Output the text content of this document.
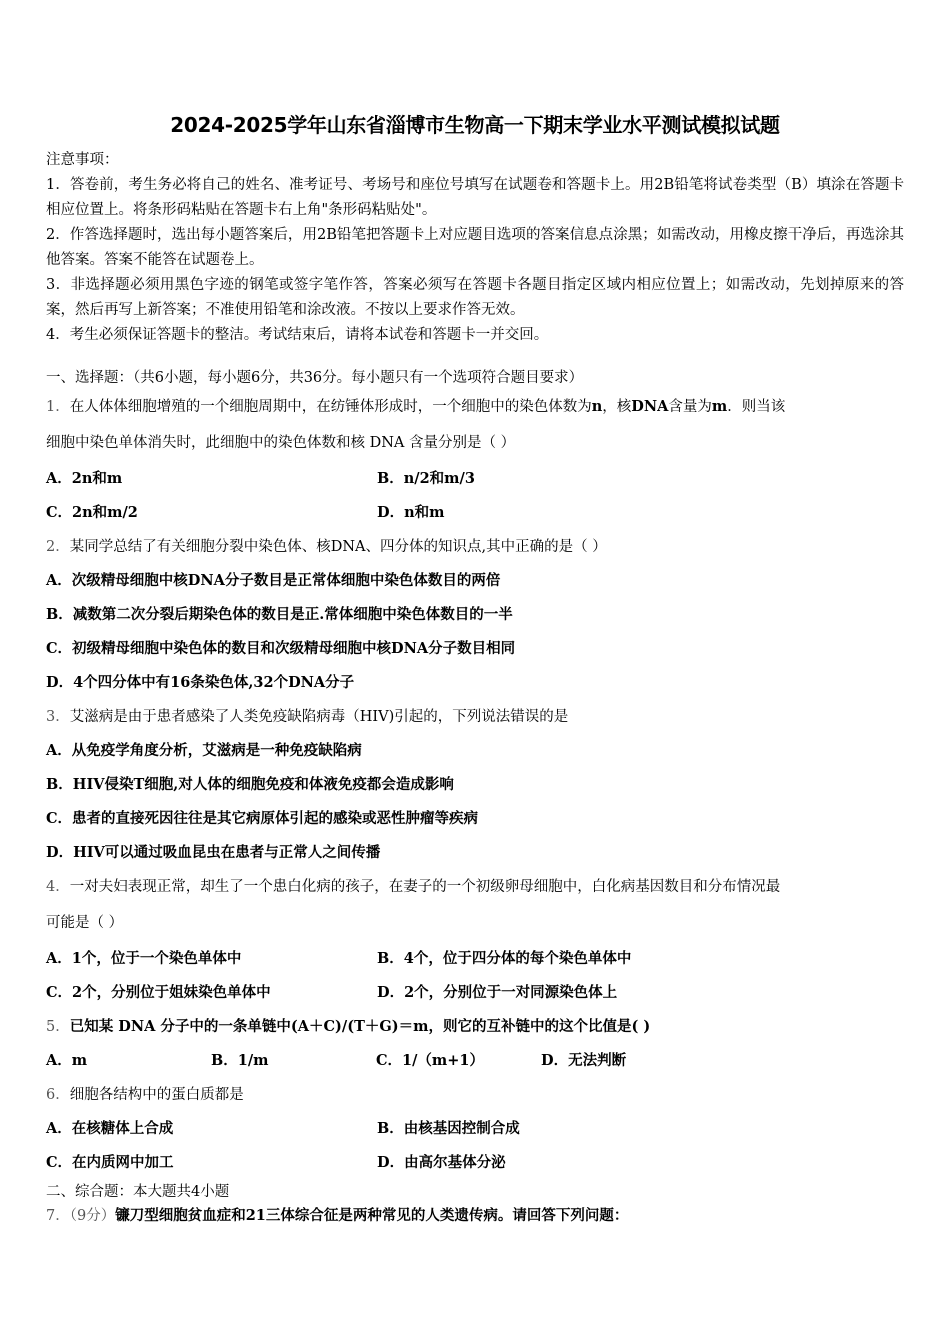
2024-2025学年山东省淄博市生物高一下期末学业水平测试模拟试题

注意事项：

1．答卷前，考生务必将自己的姓名、准考证号、考场号和座位号填写在试题卷和答题卡上。用2B铅笔将试卷类型（B）填涂在答题卡相应位置上。将条形码粘贴在答题卡右上角"条形码粘贴处"。

2．作答选择题时，选出每小题答案后，用2B铅笔把答题卡上对应题目选项的答案信息点涂黑；如需改动，用橡皮擦干净后，再选涂其他答案。答案不能答在试题卷上。

3．非选择题必须用黑色字迹的钢笔或签字笔作答，答案必须写在答题卡各题目指定区域内相应位置上；如需改动，先划掉原来的答案，然后再写上新答案；不准使用铅笔和涂改液。不按以上要求作答无效。

4．考生必须保证答题卡的整洁。考试结束后，请将本试卷和答题卡一并交回。

一、选择题：（共6小题，每小题6分，共36分。每小题只有一个选项符合题目要求）
1．在人体体细胞增殖的一个细胞周期中，在纺锤体形成时，一个细胞中的染色体数为n，核DNA含量为m．则当该
细胞中染色单体消失时，此细胞中的染色体数和核 DNA 含量分别是（ ）
A．2n和m	B．n/2和m/3
C．2n和m/2	D．n和m
2．某同学总结了有关细胞分裂中染色体、核DNA、四分体的知识点,其中正确的是（ ）
A．次级精母细胞中核DNA分子数目是正常体细胞中染色体数目的两倍
B．减数第二次分裂后期染色体的数目是正.常体细胞中染色体数目的一半
C．初级精母细胞中染色体的数目和次级精母细胞中核DNA分子数目相同
D．4个四分体中有16条染色体,32个DNA分子
3．艾滋病是由于患者感染了人类免疫缺陷病毒（HIV)引起的，下列说法错误的是
A．从免疫学角度分析，艾滋病是一种免疫缺陷病
B．HIV侵染T细胞,对人体的细胞免疫和体液免疫都会造成影响
C．患者的直接死因往往是其它病原体引起的感染或恶性肿瘤等疾病
D．HIV可以通过吸血昆虫在患者与正常人之间传播
4．一对夫妇表现正常，却生了一个患白化病的孩子，在妻子的一个初级卵母细胞中，白化病基因数目和分布情况最
可能是（ ）
A．1个，位于一个染色单体中	B．4个，位于四分体的每个染色单体中
C．2个，分别位于姐妹染色单体中	D．2个，分别位于一对同源染色体上
5．已知某 DNA 分子中的一条单链中(A＋C)/(T＋G)＝m，则它的互补链中的这个比值是( )
A．m	B．1/m	C．1/（m+1）	D．无法判断
6．细胞各结构中的蛋白质都是
A．在核糖体上合成	B．由核基因控制合成
C．在内质网中加工	D．由高尔基体分泌
二、综合题：本大题共4小题
7．（9分）镰刀型细胞贫血症和21三体综合征是两种常见的人类遗传病。请回答下列问题：
